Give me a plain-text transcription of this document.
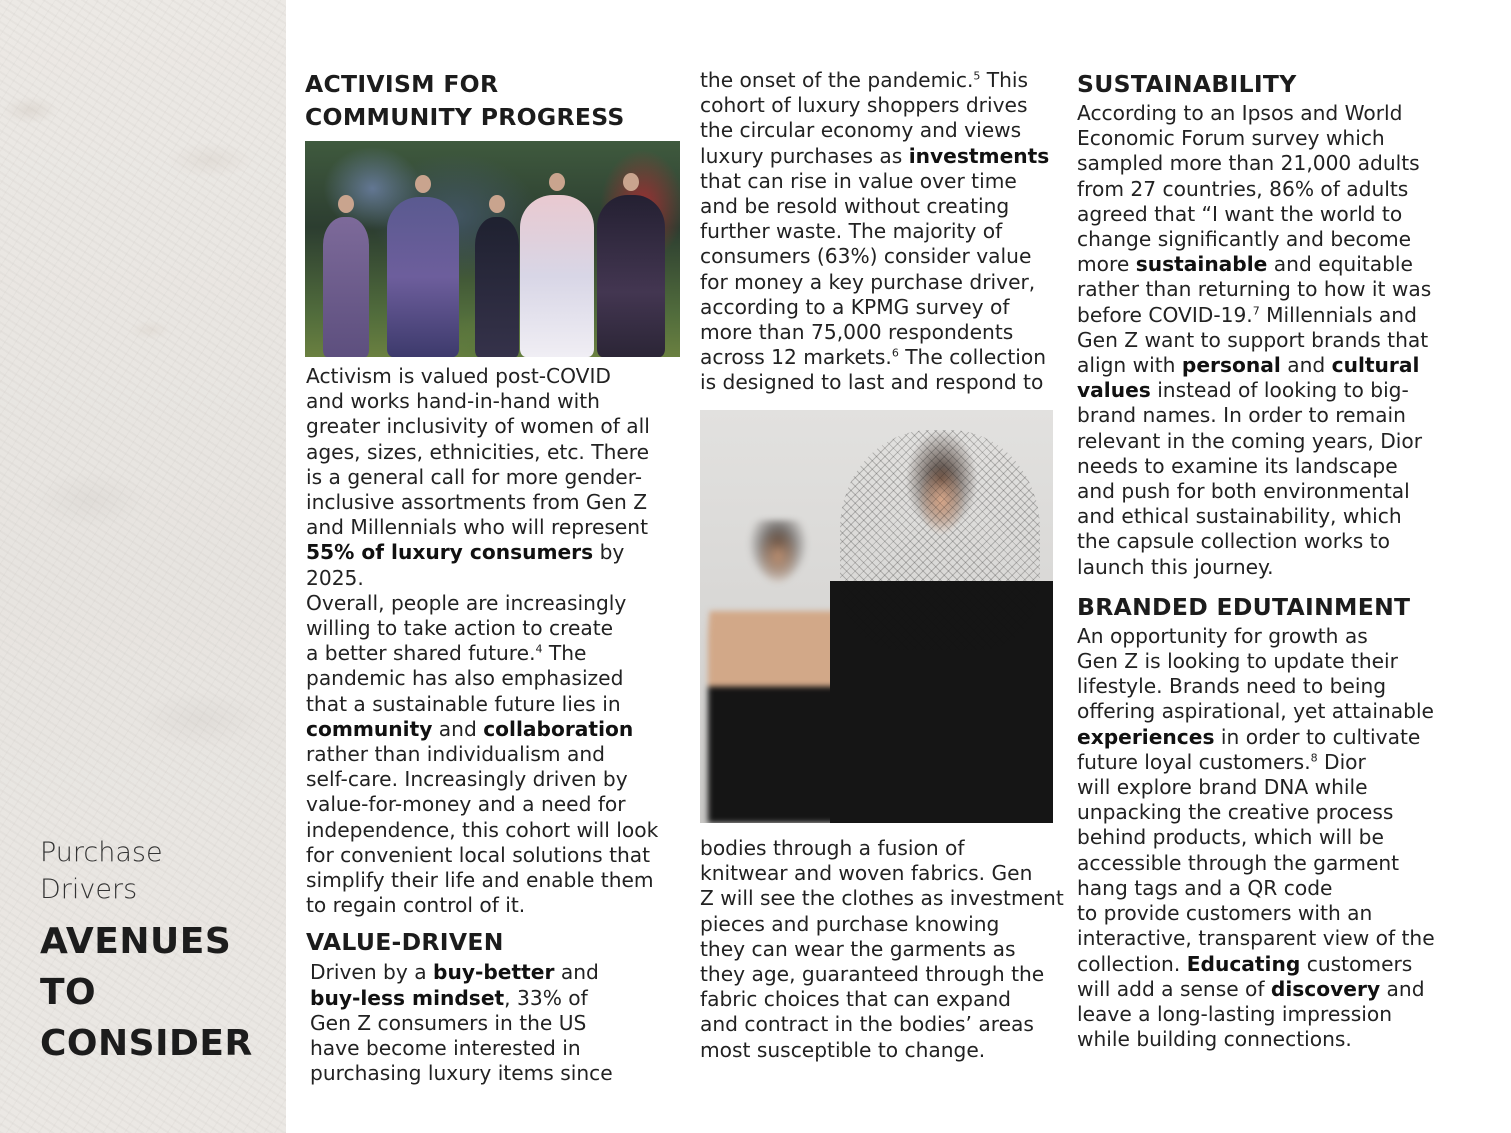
Purchase
Drivers
AVENUES
TO
CONSIDER
ACTIVISM FOR
COMMUNITY PROGRESS

Activism is valued post-COVID

and works hand-in-hand with

greater inclusivity of women of all

ages, sizes, ethnicities, etc. There

is a general call for more gender-

inclusive assortments from Gen Z

and Millennials who will represent

55% of luxury consumers by 2025.

Overall, people are increasingly

willing to take action to create

a better shared future.$^4$ The

pandemic has also emphasized

that a sustainable future lies in

community and collaboration

rather than individualism and

self-care. Increasingly driven by

value-for-money and a need for

independence, this cohort will look

for convenient local solutions that

simplify their life and enable them

to regain control of it.

VALUE-DRIVEN

Driven by a buy-better and

buy-less mindset, 33% of

Gen Z consumers in the US

have become interested in

purchasing luxury items since

the onset of the pandemic.$^5$ This

cohort of luxury shoppers drives

the circular economy and views

luxury purchases as investments

that can rise in value over time

and be resold without creating

further waste. The majority of

consumers (63%) consider value

for money a key purchase driver,

according to a KPMG survey of

more than 75,000 respondents

across 12 markets.$^6$ The collection

is designed to last and respond to

bodies through a fusion of

knitwear and woven fabrics. Gen

Z will see the clothes as investment

pieces and purchase knowing

they can wear the garments as

they age, guaranteed through the

fabric choices that can expand

and contract in the bodies’ areas

most susceptible to change.

SUSTAINABILITY

According to an Ipsos and World

Economic Forum survey which

sampled more than 21,000 adults

from 27 countries, 86% of adults

agreed that “I want the world to

change significantly and become

more sustainable and equitable

rather than returning to how it was

before COVID-19.$^7$ Millennials and

Gen Z want to support brands that

align with personal and cultural

values instead of looking to big-

brand names. In order to remain

relevant in the coming years, Dior

needs to examine its landscape

and push for both environmental

and ethical sustainability, which

the capsule collection works to

launch this journey.

BRANDED EDUTAINMENT

An opportunity for growth as

Gen Z is looking to update their

lifestyle. Brands need to being

offering aspirational, yet attainable

experiences in order to cultivate

future loyal customers.$^8$ Dior

will explore brand DNA while

unpacking the creative process

behind products, which will be

accessible through the garment

hang tags and a QR code

to provide customers with an

interactive, transparent view of the

collection. Educating customers

will add a sense of discovery and

leave a long-lasting impression

while building connections.
